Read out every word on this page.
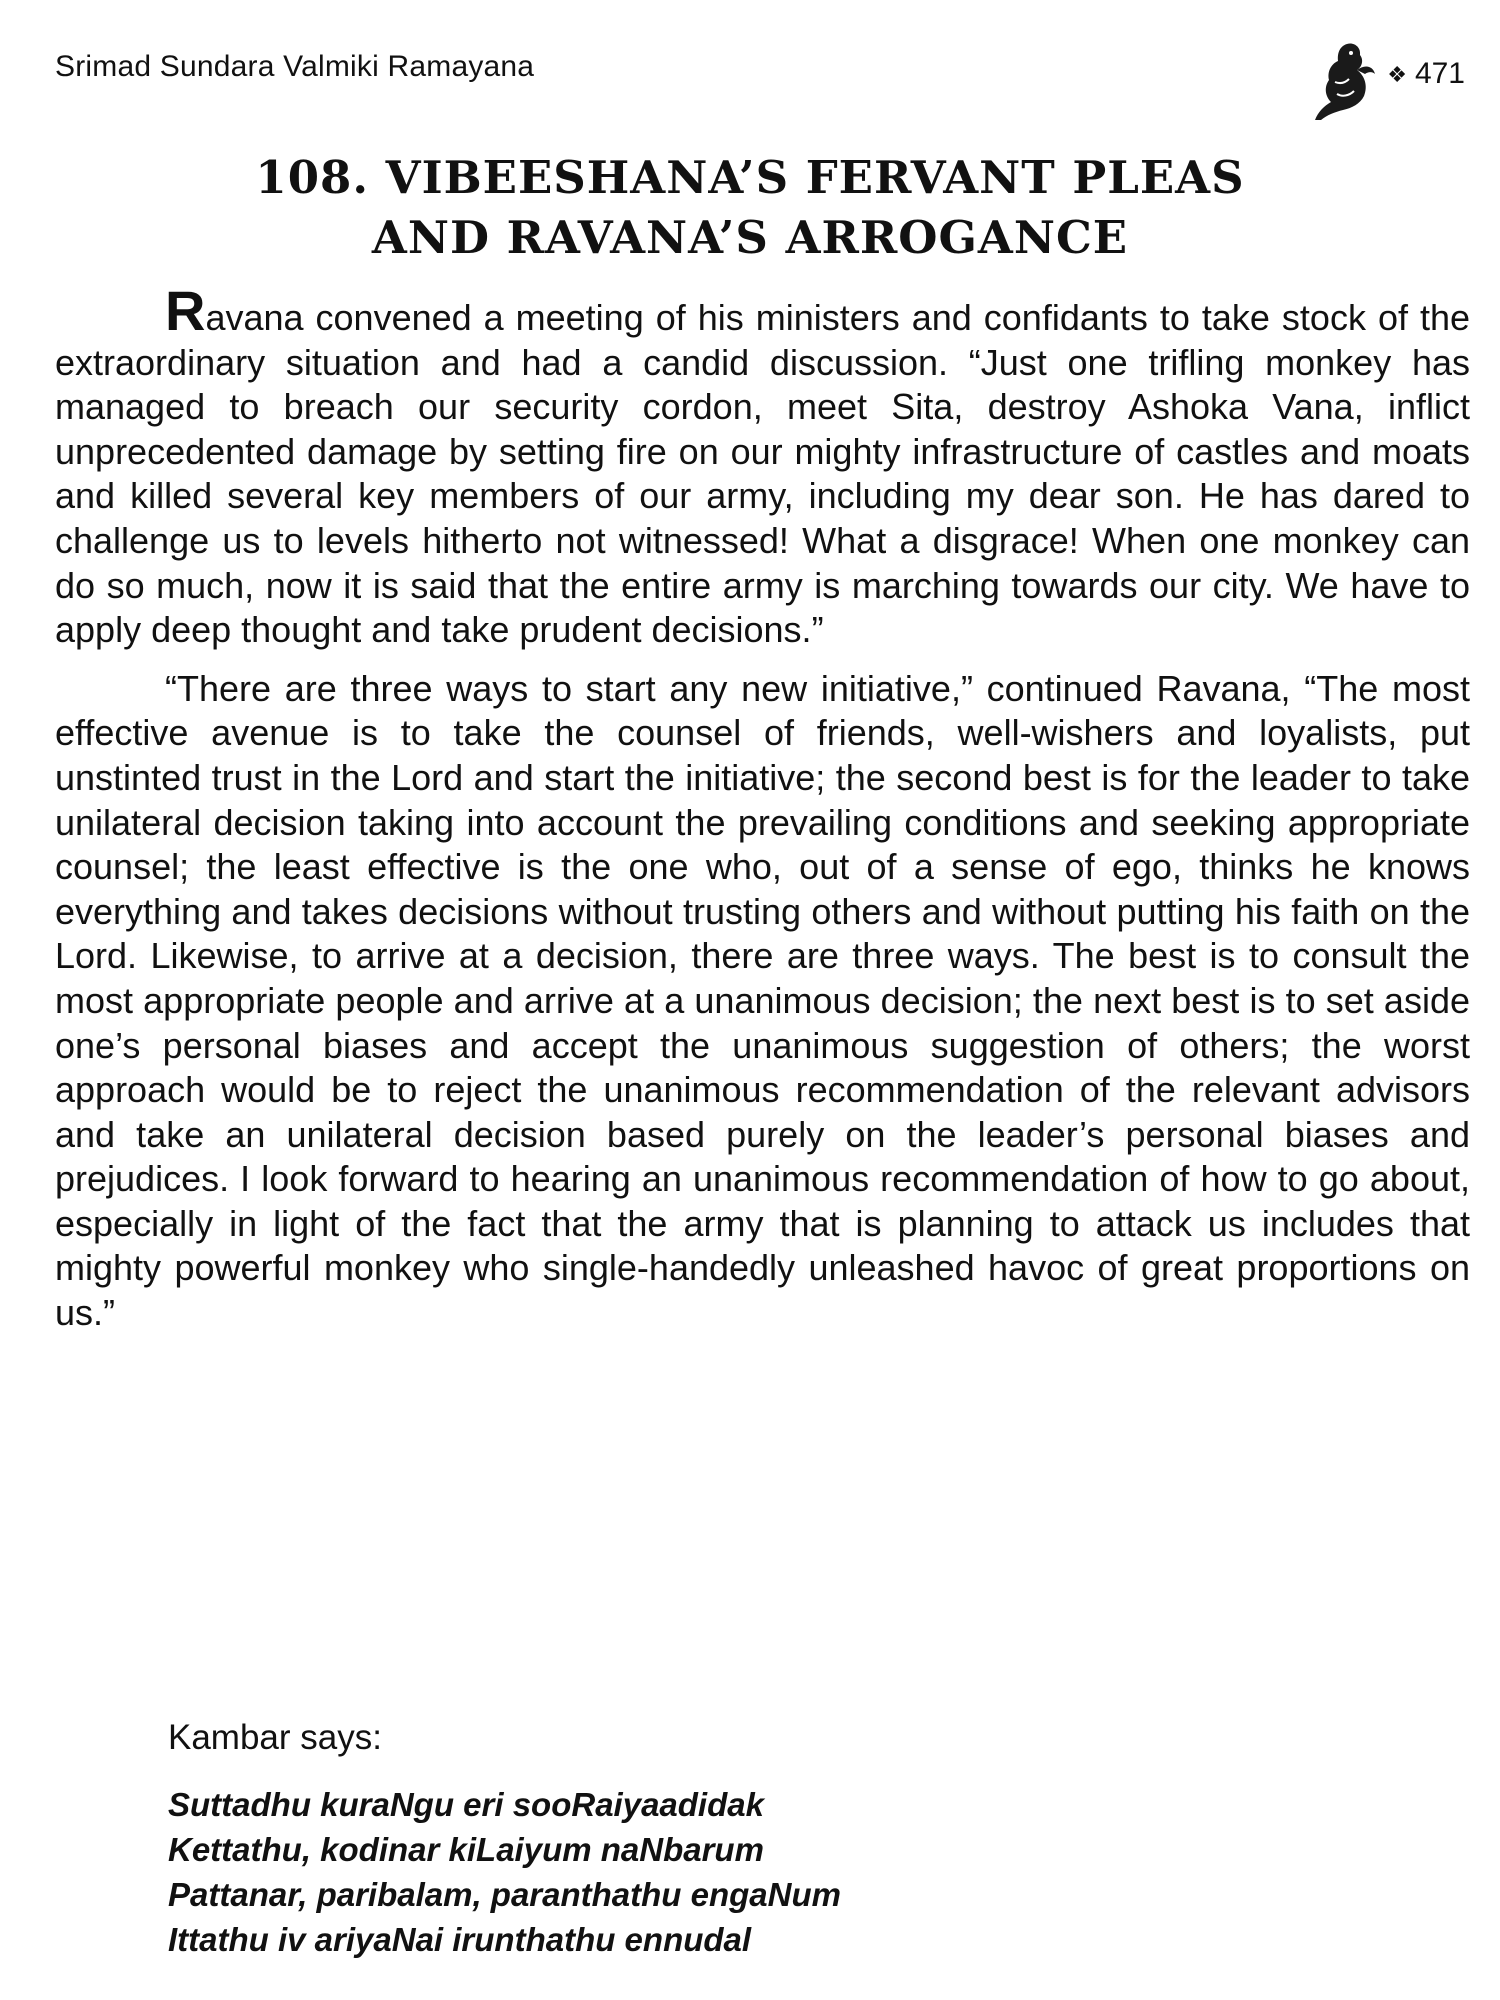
Srimad Sundara Valmiki Ramayana	❖ 471
108. VIBEESHANA’S FERVANT PLEAS
AND RAVANA’S ARROGANCE

Ravana convened a meeting of his ministers and confidants to take stock of the extraordinary situation and had a candid discussion. “Just one trifling monkey has managed to breach our security cordon, meet Sita, destroy Ashoka Vana, inflict unprecedented damage by setting fire on our mighty infrastructure of castles and moats and killed several key members of our army, including my dear son. He has dared to challenge us to levels hitherto not witnessed! What a disgrace! When one monkey can do so much, now it is said that the entire army is marching towards our city. We have to apply deep thought and take prudent decisions.”

“There are three ways to start any new initiative,” continued Ravana, “The most effective avenue is to take the counsel of friends, well-wishers and loyalists, put unstinted trust in the Lord and start the initiative; the second best is for the leader to take unilateral decision taking into account the prevailing conditions and seeking appropriate counsel; the least effective is the one who, out of a sense of ego, thinks he knows everything and takes decisions without trusting others and without putting his faith on the Lord. Likewise, to arrive at a decision, there are three ways. The best is to consult the most appropriate people and arrive at a unanimous decision; the next best is to set aside one’s personal biases and accept the unanimous suggestion of others; the worst approach would be to reject the unanimous recommendation of the relevant advisors and take an unilateral decision based purely on the leader’s personal biases and prejudices. I look forward to hearing an unanimous recommendation of how to go about, especially in light of the fact that the army that is planning to attack us includes that mighty powerful monkey who single-handedly unleashed havoc of great proportions on us.”

Kambar says:
Suttadhu kuraNgu eri sooRaiyaadidak
Kettathu, kodinar kiLaiyum naNbarum
Pattanar, paribalam, paranthathu engaNum
Ittathu iv ariyaNai irunthathu ennudal
